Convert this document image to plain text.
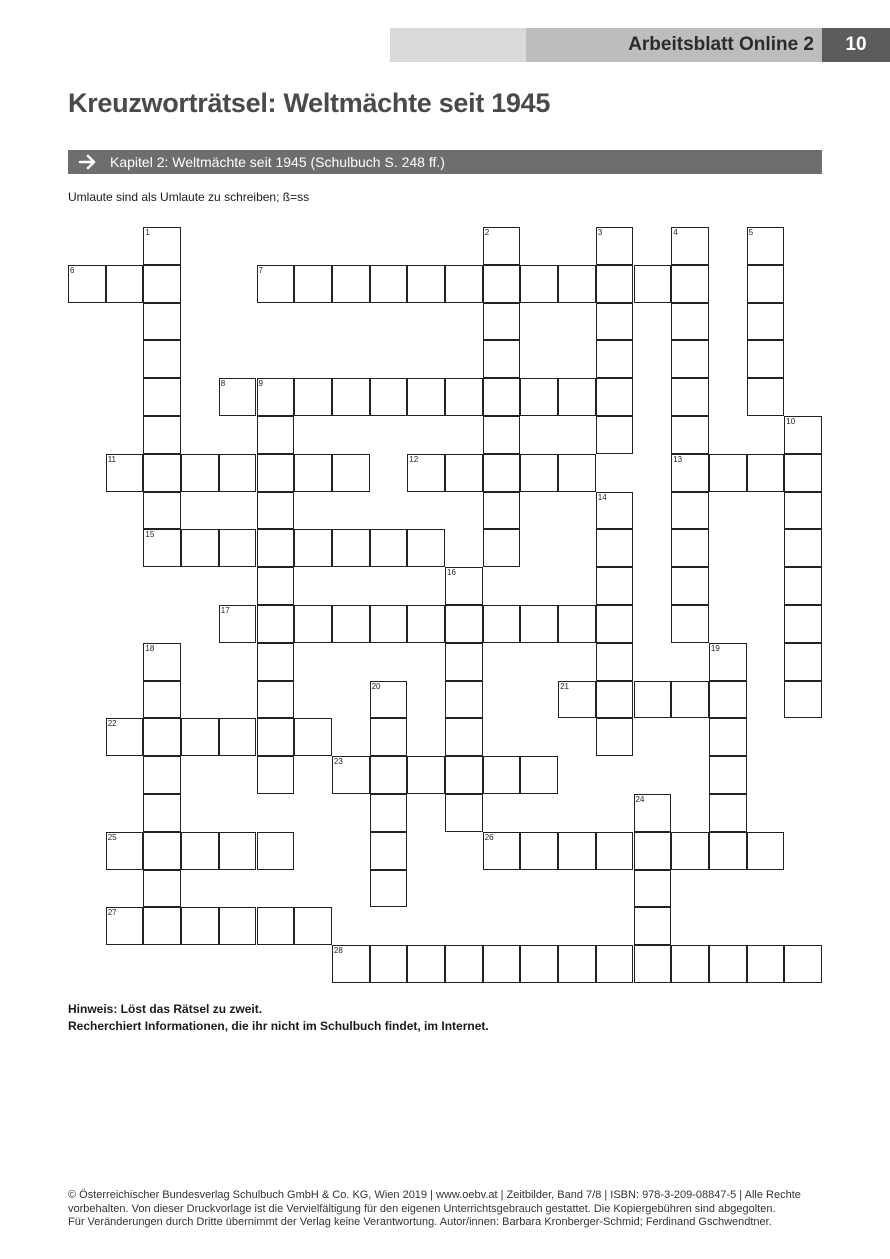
Arbeitsblatt Online 2	10
Kreuzworträtsel: Weltmächte seit 1945
Kapitel 2: Weltmächte seit 1945 (Schulbuch S. 248 ff.)
Umlaute sind als Umlaute zu schreiben; ß=ss
1
15
2	3	4
13
5
6	7
8	9
10
11	12
14
16
17
18	19
20	21
22
23
24
25	26
27
28
Hinweis: Löst das Rätsel zu zweit.
Recherchiert Informationen, die ihr nicht im Schulbuch findet, im Internet.
© Österreichischer Bundesverlag Schulbuch GmbH & Co. KG, Wien 2019 | www.oebv.at | Zeitbilder, Band 7/8 | ISBN: 978-3-209-08847-5 | Alle Rechte
vorbehalten. Von dieser Druckvorlage ist die Vervielfältigung für den eigenen Unterrichtsgebrauch gestattet. Die Kopiergebühren sind abgegolten.
Für Veränderungen durch Dritte übernimmt der Verlag keine Verantwortung. Autor/innen: Barbara Kronberger-Schmid; Ferdinand Gschwendtner.
